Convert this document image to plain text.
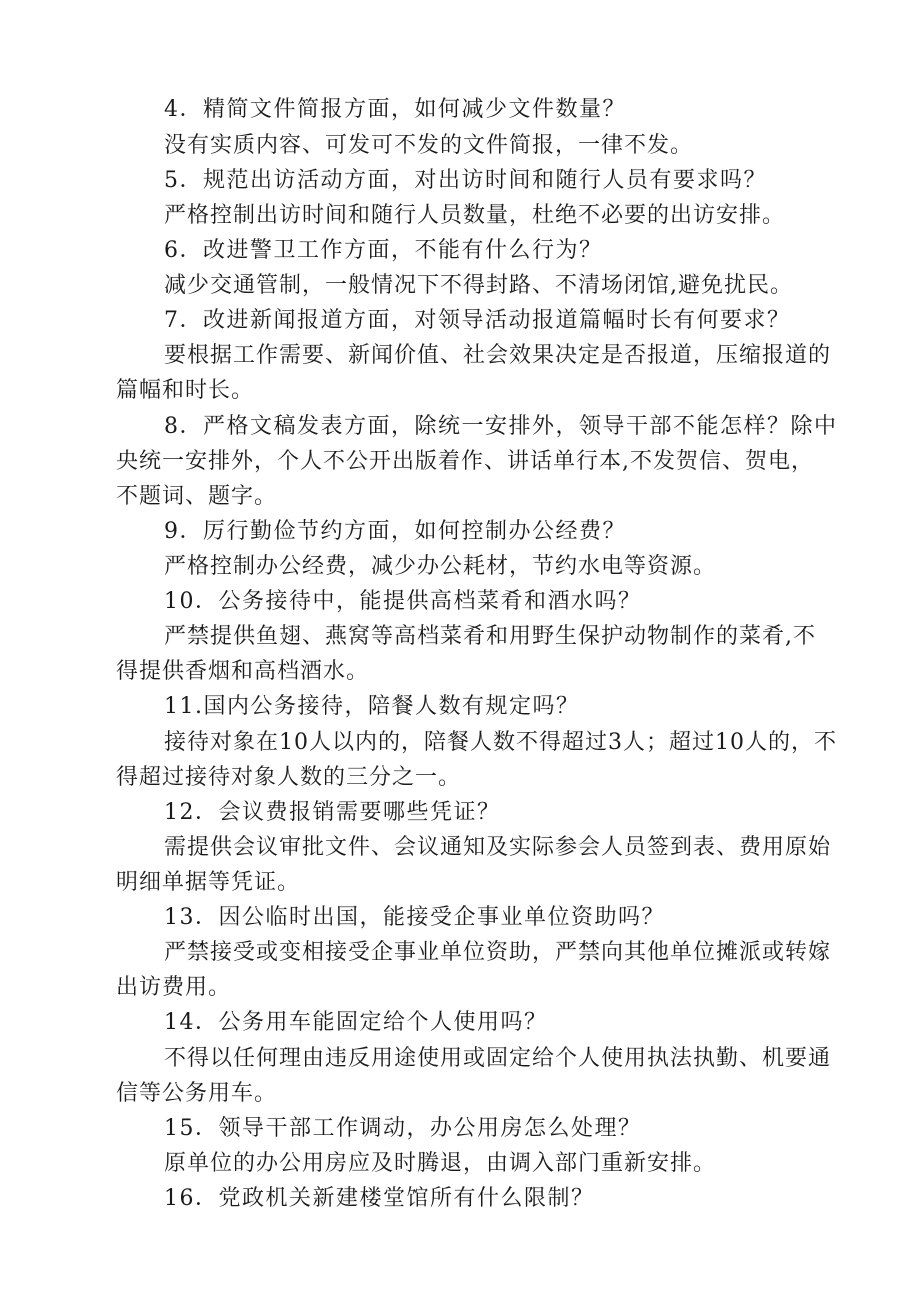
4．精简文件简报方面，如何减少文件数量？
没有实质内容、可发可不发的文件简报，一律不发。
5．规范出访活动方面，对出访时间和随行人员有要求吗？
严格控制出访时间和随行人员数量，杜绝不必要的出访安排。
6．改进警卫工作方面，不能有什么行为？
减少交通管制，一般情况下不得封路、不清场闭馆,避免扰民。
7．改进新闻报道方面，对领导活动报道篇幅时长有何要求？
要根据工作需要、新闻价值、社会效果决定是否报道，压缩报道的
篇幅和时长。
8．严格文稿发表方面，除统一安排外，领导干部不能怎样？除中
央统一安排外，个人不公开出版着作、讲话单行本,不发贺信、贺电，
不题词、题字。
9．厉行勤俭节约方面，如何控制办公经费？
严格控制办公经费，减少办公耗材，节约水电等资源。
10．公务接待中，能提供高档菜肴和酒水吗？
严禁提供鱼翅、燕窝等高档菜肴和用野生保护动物制作的菜肴,不
得提供香烟和高档酒水。
11.国内公务接待，陪餐人数有规定吗？
接待对象在10人以内的，陪餐人数不得超过3人；超过10人的，不
得超过接待对象人数的三分之一。
12．会议费报销需要哪些凭证？
需提供会议审批文件、会议通知及实际参会人员签到表、费用原始
明细单据等凭证。
13．因公临时出国，能接受企事业单位资助吗？
严禁接受或变相接受企事业单位资助，严禁向其他单位摊派或转嫁
出访费用。
14．公务用车能固定给个人使用吗？
不得以任何理由违反用途使用或固定给个人使用执法执勤、机要通
信等公务用车。
15．领导干部工作调动，办公用房怎么处理？
原单位的办公用房应及时腾退，由调入部门重新安排。
16．党政机关新建楼堂馆所有什么限制？
